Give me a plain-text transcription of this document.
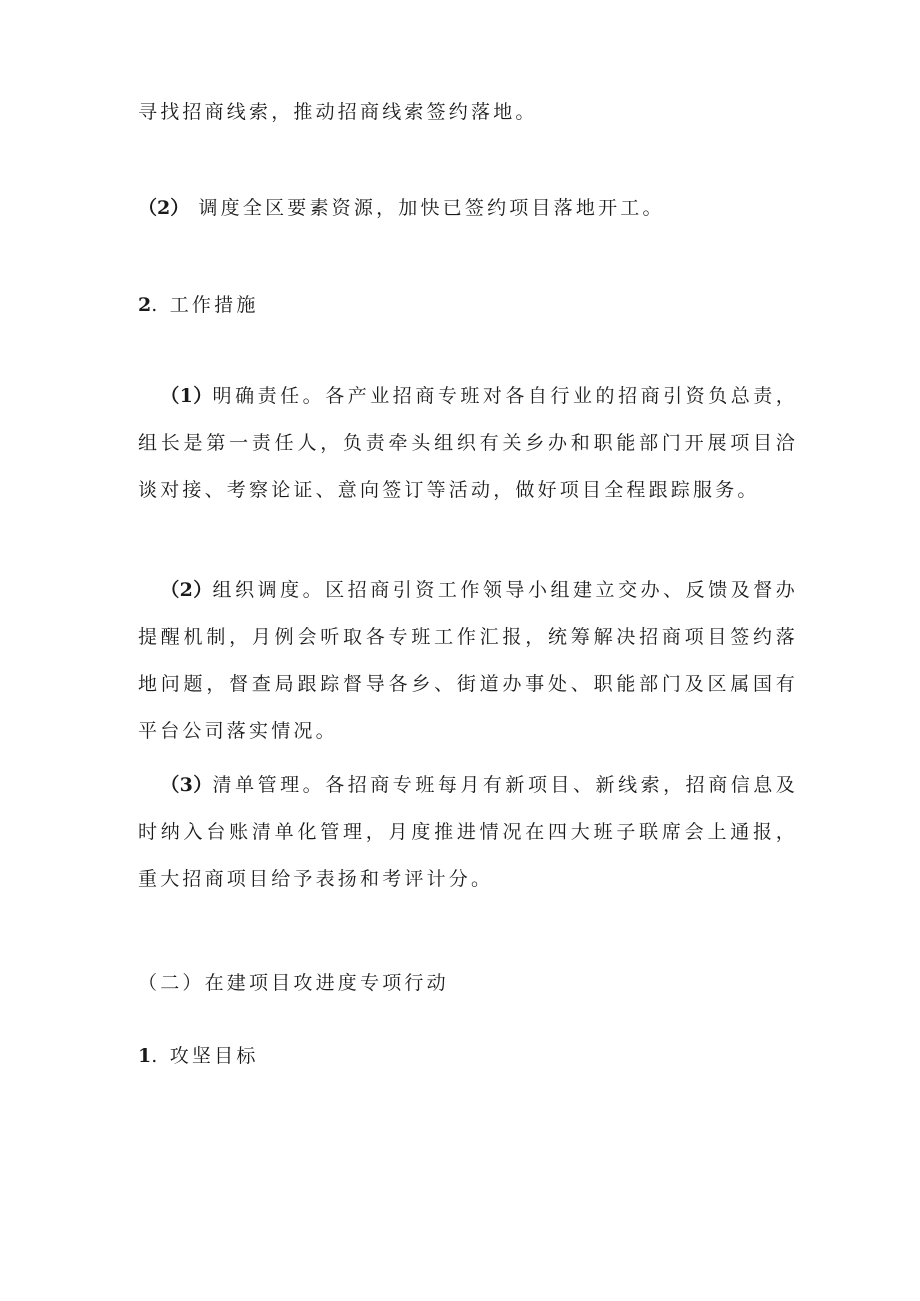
寻找招商线索，推动招商线索签约落地。
（2） 调度全区要素资源，加快已签约项目落地开工。
2. 工作措施
（1）明确责任。各产业招商专班对各自行业的招商引资负总责，组长是第一责任人，负责牵头组织有关乡办和职能部门开展项目洽谈对接、考察论证、意向签订等活动，做好项目全程跟踪服务。
（2）组织调度。区招商引资工作领导小组建立交办、反馈及督办提醒机制，月例会听取各专班工作汇报，统筹解决招商项目签约落地问题，督查局跟踪督导各乡、街道办事处、职能部门及区属国有平台公司落实情况。
（3）清单管理。各招商专班每月有新项目、新线索，招商信息及时纳入台账清单化管理，月度推进情况在四大班子联席会上通报，重大招商项目给予表扬和考评计分。
（二）在建项目攻进度专项行动
1. 攻坚目标
